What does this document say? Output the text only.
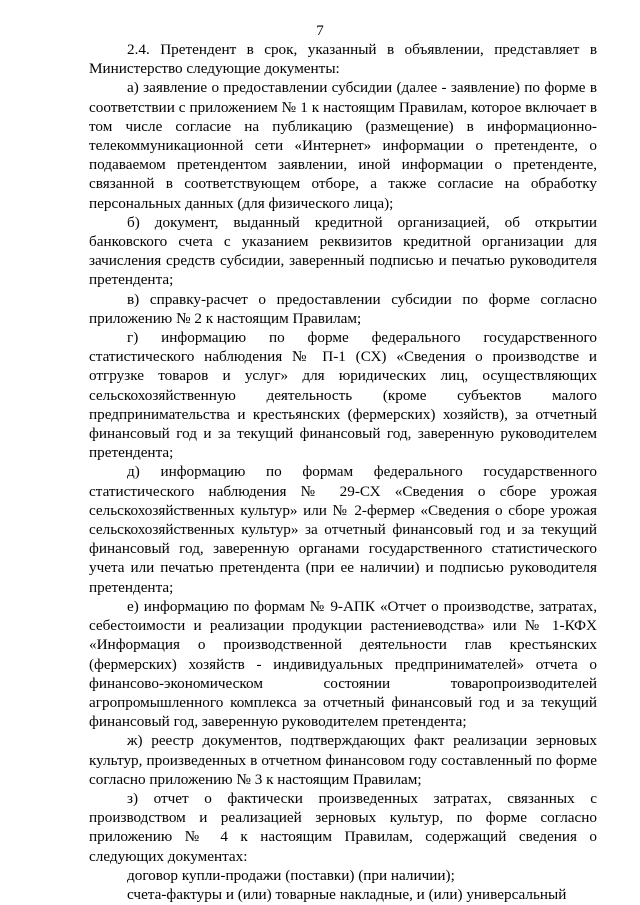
7

2.4. Претендент в срок, указанный в объявлении, представляет в Министерство следующие документы:

а) заявление о предоставлении субсидии (далее - заявление) по форме в соответствии с приложением № 1 к настоящим Правилам, которое включает в том числе согласие на публикацию (размещение) в информационно-телекоммуникационной сети «Интернет» информации о претенденте, о подаваемом претендентом заявлении, иной информации о претенденте, связанной в соответствующем отборе, а также согласие на обработку персональных данных (для физического лица);

б) документ, выданный кредитной организацией, об открытии банковского счета с указанием реквизитов кредитной организации для зачисления средств субсидии, заверенный подписью и печатью руководителя претендента;

в) справку-расчет о предоставлении субсидии по форме согласно приложению № 2 к настоящим Правилам;

г) информацию по форме федерального государственного статистического наблюдения № П-1 (СХ) «Сведения о производстве и отгрузке товаров и услуг» для юридических лиц, осуществляющих сельскохозяйственную деятельность (кроме субъектов малого предпринимательства и крестьянских (фермерских) хозяйств), за отчетный финансовый год и за текущий финансовый год, заверенную руководителем претендента;

д) информацию по формам федерального государственного статистического наблюдения № 29-СХ «Сведения о сборе урожая сельскохозяйственных культур» или № 2-фермер «Сведения о сборе урожая сельскохозяйственных культур» за отчетный финансовый год и за текущий финансовый год, заверенную органами государственного статистического учета или печатью претендента (при ее наличии) и подписью руководителя претендента;

е) информацию по формам № 9-АПК «Отчет о производстве, затратах, себестоимости и реализации продукции растениеводства» или № 1-КФХ «Информация о производственной деятельности глав крестьянских (фермерских) хозяйств - индивидуальных предпринимателей» отчета о финансово-экономическом состоянии товаропроизводителей агропромышленного комплекса за отчетный финансовый год и за текущий финансовый год, заверенную руководителем претендента;

ж) реестр документов, подтверждающих факт реализации зерновых культур, произведенных в отчетном финансовом году составленный по форме согласно приложению № 3 к настоящим Правилам;

з) отчет о фактически произведенных затратах, связанных с производством и реализацией зерновых культур, по форме согласно приложению № 4 к настоящим Правилам, содержащий сведения о следующих документах:

договор купли-продажи (поставки) (при наличии);

счета-фактуры и (или) товарные накладные, и (или) универсальный
